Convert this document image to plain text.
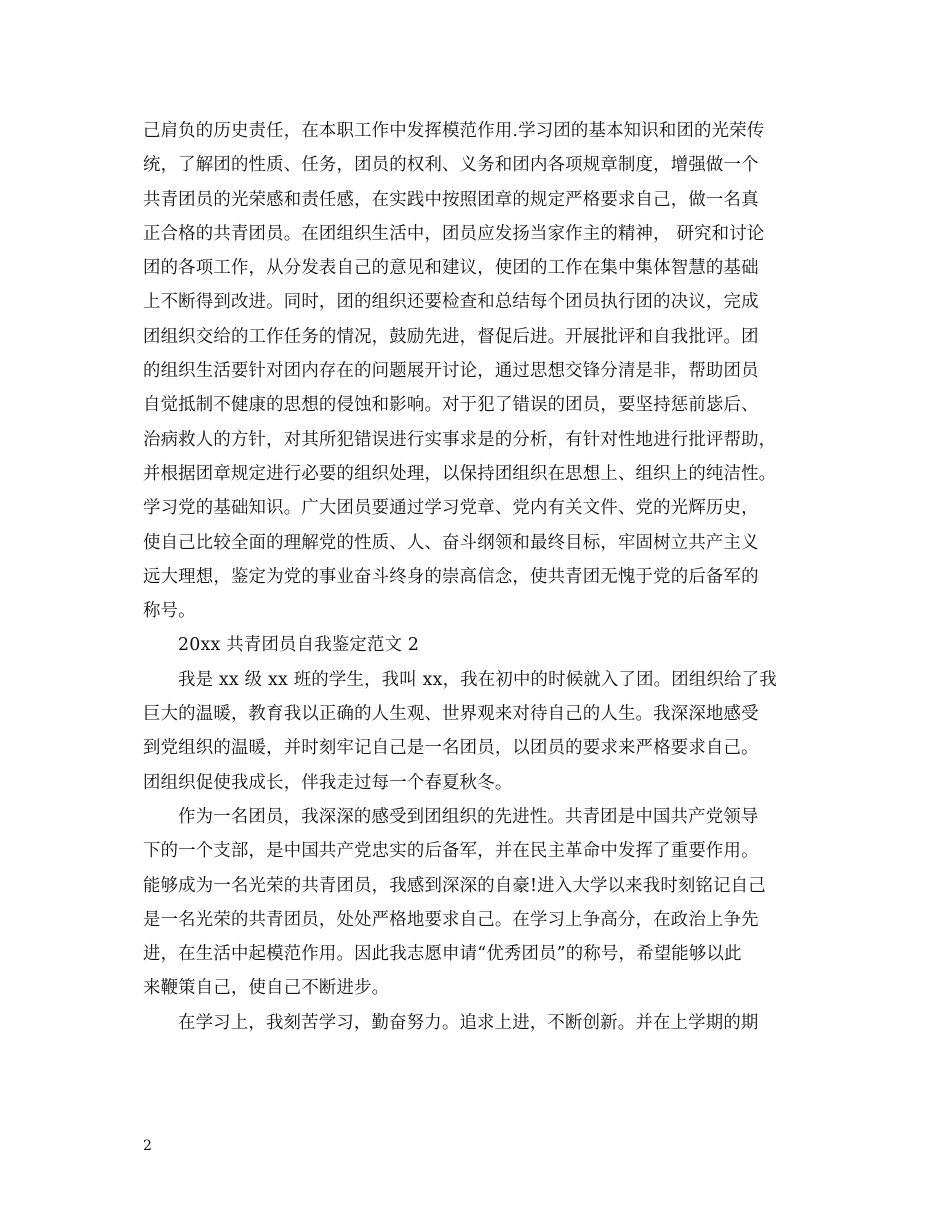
己肩负的历史责任，在本职工作中发挥模范作用.学习团的基本知识和团的光荣传
统，了解团的性质、任务，团员的权利、义务和团内各项规章制度，增强做一个
共青团员的光荣感和责任感，在实践中按照团章的规定严格要求自己，做一名真
正合格的共青团员。在团组织生活中，团员应发扬当家作主的精神， 研究和讨论
团的各项工作，从分发表自己的意见和建议，使团的工作在集中集体智慧的基础
上不断得到改进。同时，团的组织还要检查和总结每个团员执行团的决议，完成
团组织交给的工作任务的情况，鼓励先进，督促后进。开展批评和自我批评。团
的组织生活要针对团内存在的问题展开讨论，通过思想交锋分清是非，帮助团员
自觉抵制不健康的思想的侵蚀和影响。对于犯了错误的团员，要坚持惩前毖后、
治病救人的方针，对其所犯错误进行实事求是的分析，有针对性地进行批评帮助，
并根据团章规定进行必要的组织处理，以保持团组织在思想上、组织上的纯洁性。
学习党的基础知识。广大团员要通过学习党章、党内有关文件、党的光辉历史，
使自己比较全面的理解党的性质、人、奋斗纲领和最终目标，牢固树立共产主义
远大理想，鉴定为党的事业奋斗终身的崇高信念，使共青团无愧于党的后备军的
称号。
20xx 共青团员自我鉴定范文 2
我是 xx 级 xx 班的学生，我叫 xx，我在初中的时候就入了团。团组织给了我
巨大的温暖，教育我以正确的人生观、世界观来对待自己的人生。我深深地感受
到党组织的温暖，并时刻牢记自己是一名团员，以团员的要求来严格要求自己。
团组织促使我成长，伴我走过每一个春夏秋冬。
作为一名团员，我深深的感受到团组织的先进性。共青团是中国共产党领导
下的一个支部，是中国共产党忠实的后备军，并在民主革命中发挥了重要作用。
能够成为一名光荣的共青团员，我感到深深的自豪!进入大学以来我时刻铭记自己
是一名光荣的共青团员，处处严格地要求自己。在学习上争高分，在政治上争先
进，在生活中起模范作用。因此我志愿申请“优秀团员”的称号，希望能够以此
来鞭策自己，使自己不断进步。
在学习上，我刻苦学习，勤奋努力。追求上进，不断创新。并在上学期的期
2
